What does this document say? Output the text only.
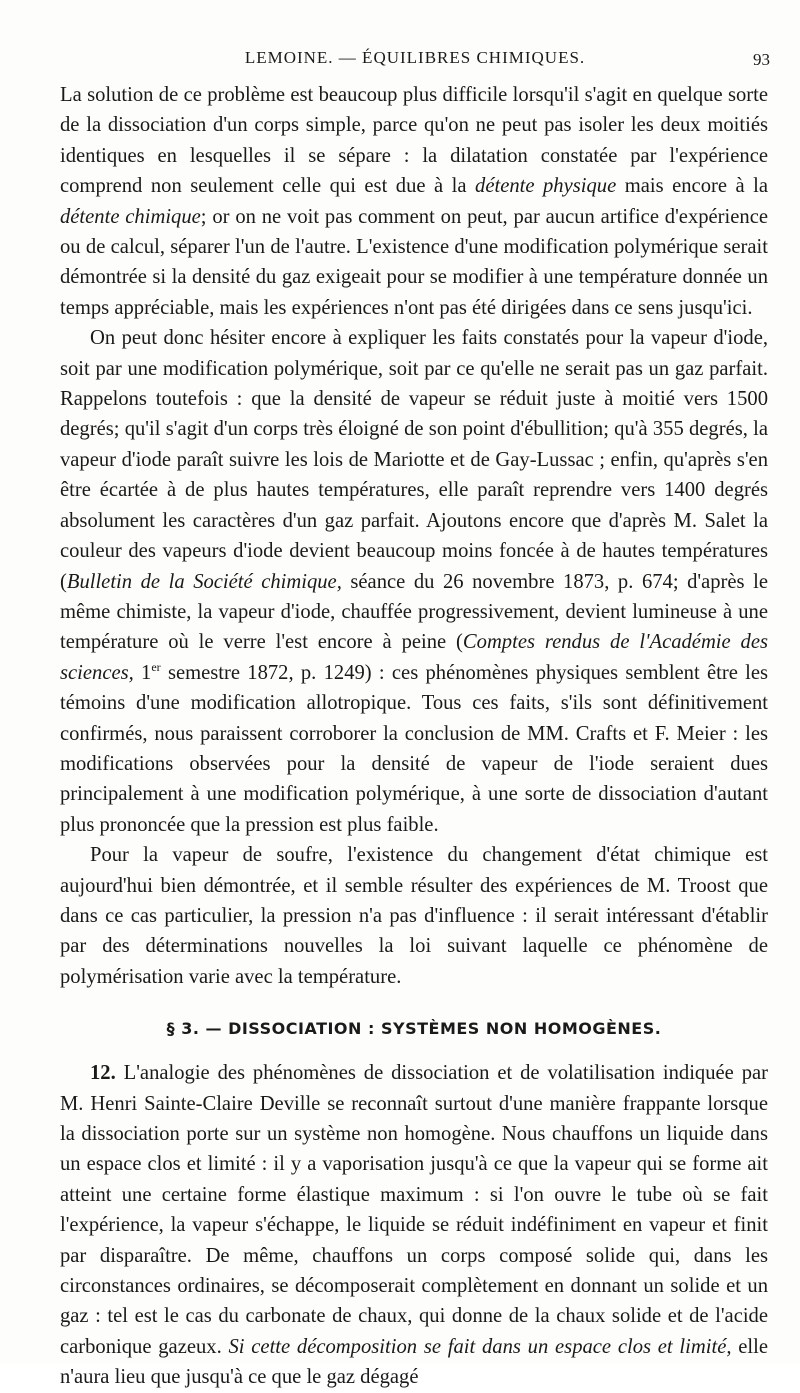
LEMOINE. — ÉQUILIBRES CHIMIQUES.	93

La solution de ce problème est beaucoup plus difficile lorsqu'il s'agit en quelque sorte de la dissociation d'un corps simple, parce qu'on ne peut pas isoler les deux moitiés identiques en lesquelles il se sépare : la dilatation constatée par l'expérience comprend non seulement celle qui est due à la détente physique mais encore à la détente chimique; or on ne voit pas comment on peut, par aucun artifice d'expérience ou de calcul, séparer l'un de l'autre. L'existence d'une modification polymérique serait démontrée si la densité du gaz exigeait pour se modifier à une température donnée un temps appréciable, mais les expériences n'ont pas été dirigées dans ce sens jusqu'ici.

On peut donc hésiter encore à expliquer les faits constatés pour la vapeur d'iode, soit par une modification polymérique, soit par ce qu'elle ne serait pas un gaz parfait. Rappelons toutefois : que la densité de vapeur se réduit juste à moitié vers 1500 degrés; qu'il s'agit d'un corps très éloigné de son point d'ébullition; qu'à 355 degrés, la vapeur d'iode paraît suivre les lois de Mariotte et de Gay-Lussac ; enfin, qu'après s'en être écartée à de plus hautes températures, elle paraît reprendre vers 1400 degrés absolument les caractères d'un gaz parfait. Ajoutons encore que d'après M. Salet la couleur des vapeurs d'iode devient beaucoup moins foncée à de hautes températures (Bulletin de la Société chimique, séance du 26 novembre 1873, p. 674; d'après le même chimiste, la vapeur d'iode, chauffée progressivement, devient lumineuse à une température où le verre l'est encore à peine (Comptes rendus de l'Académie des sciences, 1er semestre 1872, p. 1249) : ces phénomènes physiques semblent être les témoins d'une modification allotropique. Tous ces faits, s'ils sont définitivement confirmés, nous paraissent corroborer la conclusion de MM. Crafts et F. Meier : les modifications observées pour la densité de vapeur de l'iode seraient dues principalement à une modification polymérique, à une sorte de dissociation d'autant plus prononcée que la pression est plus faible.

Pour la vapeur de soufre, l'existence du changement d'état chimique est aujourd'hui bien démontrée, et il semble résulter des expériences de M. Troost que dans ce cas particulier, la pression n'a pas d'influence : il serait intéressant d'établir par des déterminations nouvelles la loi suivant laquelle ce phénomène de polymérisation varie avec la température.

§ 3. — DISSOCIATION : SYSTÈMES NON HOMOGÈNES.

12. L'analogie des phénomènes de dissociation et de volatilisation indiquée par M. Henri Sainte-Claire Deville se reconnaît surtout d'une manière frappante lorsque la dissociation porte sur un système non homogène. Nous chauffons un liquide dans un espace clos et limité : il y a vaporisation jusqu'à ce que la vapeur qui se forme ait atteint une certaine forme élastique maximum : si l'on ouvre le tube où se fait l'expérience, la vapeur s'échappe, le liquide se réduit indéfiniment en vapeur et finit par disparaître. De même, chauffons un corps composé solide qui, dans les circonstances ordinaires, se décomposerait complètement en donnant un solide et un gaz : tel est le cas du carbonate de chaux, qui donne de la chaux solide et de l'acide carbonique gazeux. Si cette décomposition se fait dans un espace clos et limité, elle n'aura lieu que jusqu'à ce que le gaz dégagé
